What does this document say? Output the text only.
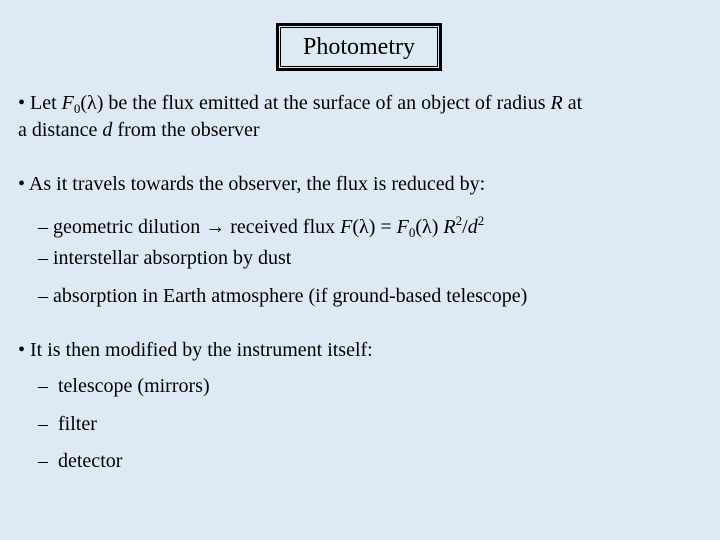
Photometry
• Let $F_0(\lambda)$ be the flux emitted at the surface of an object of radius R at
a distance d from the observer
• As it travels towards the observer, the flux is reduced by:
– geometric dilution → received flux $F(\lambda) = F_0(\lambda)$ $R^2/d^2$
– interstellar absorption by dust
– absorption in Earth atmosphere (if ground-based telescope)
• It is then modified by the instrument itself:
– telescope (mirrors)
– filter
– detector
